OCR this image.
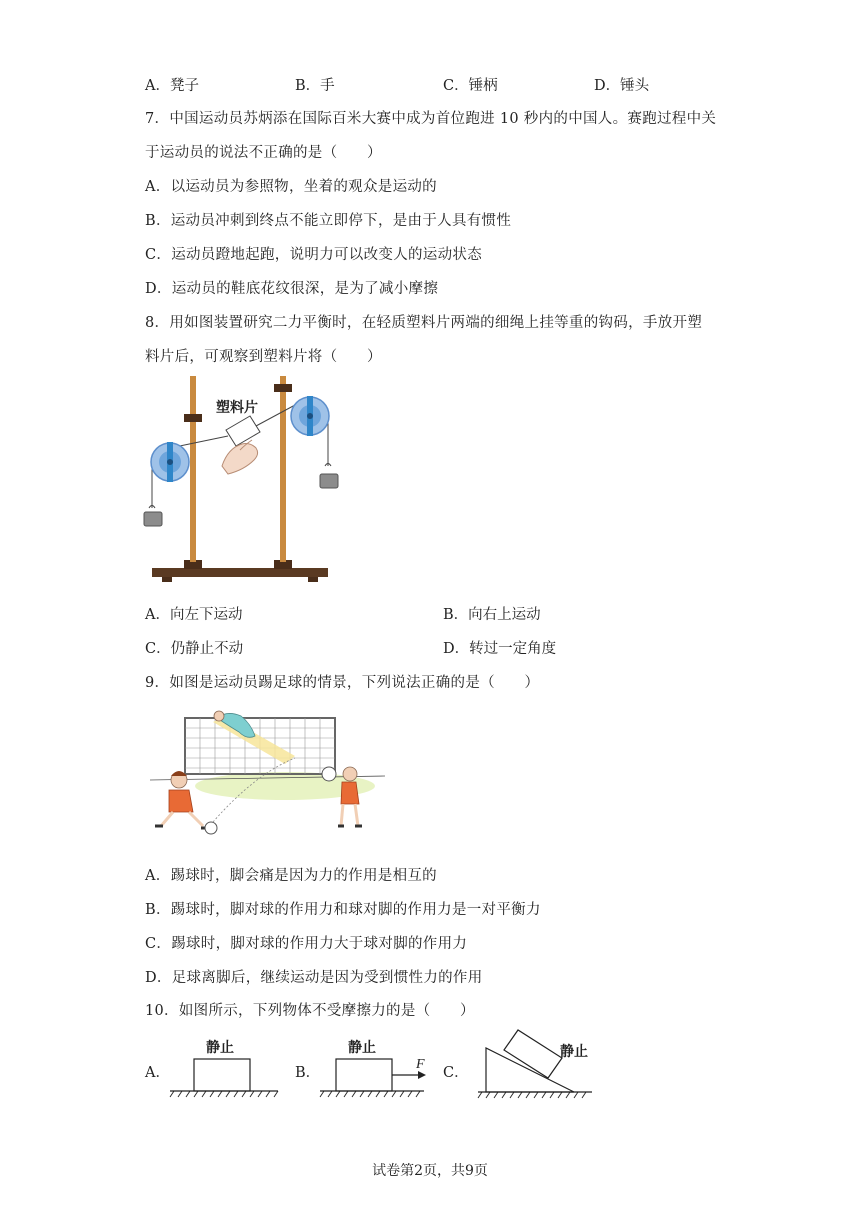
A．凳子	B．手	C．锤柄	D．锤头
7．中国运动员苏炳添在国际百米大赛中成为首位跑进 10 秒内的中国人。赛跑过程中关
于运动员的说法不正确的是（　　）
A．以运动员为参照物，坐着的观众是运动的
B．运动员冲刺到终点不能立即停下，是由于人具有惯性
C．运动员蹬地起跑，说明力可以改变人的运动状态
D．运动员的鞋底花纹很深，是为了减小摩擦
8．用如图装置研究二力平衡时，在轻质塑料片两端的细绳上挂等重的钩码，手放开塑
料片后，可观察到塑料片将（　　）
塑料片
A．向左下运动	B．向右上运动
C．仍静止不动	D．转过一定角度
9．如图是运动员踢足球的情景，下列说法正确的是（　　）
A．踢球时，脚会痛是因为力的作用是相互的
B．踢球时，脚对球的作用力和球对脚的作用力是一对平衡力
C．踢球时，脚对球的作用力大于球对脚的作用力
D．足球离脚后，继续运动是因为受到惯性力的作用
10．如图所示，下列物体不受摩擦力的是（　　）
A．
静止
B．
静止
F
C．
静止
试卷第2页，共9页
